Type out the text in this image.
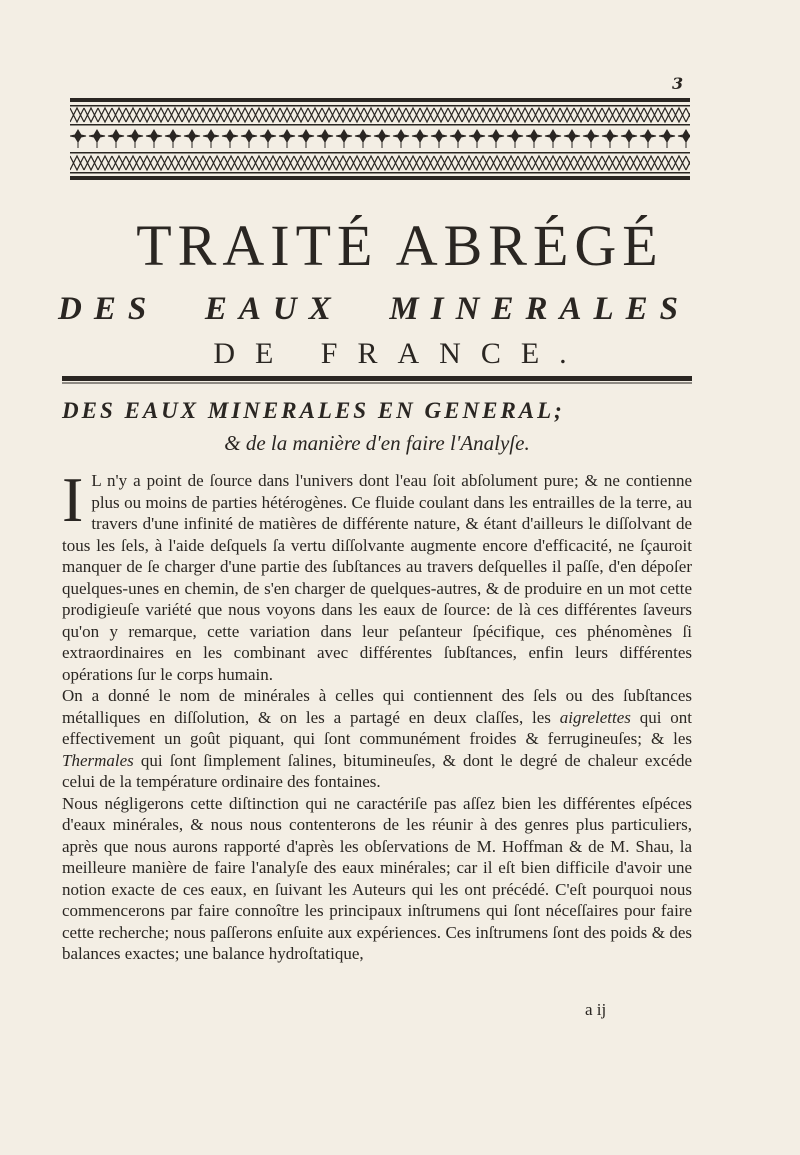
3
TRAITÉ ABRÉGÉ
DES EAUX MINERALES
DE FRANCE.
DES EAUX MINERALES EN GENERAL;
& de la manière d'en faire l'Analyſe.

I L n'y a point de ſource dans l'univers dont l'eau ſoit abſolument pure; & ne contienne plus ou moins de parties hétérogènes. Ce fluide coulant dans les entrailles de la terre, au travers d'une infinité de matières de différente nature, & étant d'ailleurs le diſſolvant de tous les ſels, à l'aide deſquels ſa vertu diſſolvante augmente encore d'efficacité, ne ſçauroit manquer de ſe charger d'une partie des ſubſtances au travers deſquelles il paſſe, d'en dépoſer quelques-unes en chemin, de s'en charger de quelques-autres, & de produire en un mot cette prodigieuſe variété que nous voyons dans les eaux de ſource: de là ces différentes ſaveurs qu'on y remarque, cette variation dans leur peſanteur ſpécifique, ces phénomènes ſi extraordinaires en les combinant avec différentes ſubſtances, enfin leurs différentes opérations ſur le corps humain.

On a donné le nom de minérales à celles qui contiennent des ſels ou des ſubſtances métalliques en diſſolution, & on les a partagé en deux claſſes, les aigrelettes qui ont effectivement un goût piquant, qui ſont communément froides & ferrugineuſes; & les Thermales qui ſont ſimplement ſalines, bitumineuſes, & dont le degré de chaleur excéde celui de la température ordinaire des fontaines.

Nous négligerons cette diſtinction qui ne caractériſe pas aſſez bien les différentes eſpéces d'eaux minérales, & nous nous contenterons de les réunir à des genres plus particuliers, après que nous aurons rapporté d'après les obſervations de M. Hoffman & de M. Shau, la meilleure manière de faire l'analyſe des eaux minérales; car il eſt bien difficile d'avoir une notion exacte de ces eaux, en ſuivant les Auteurs qui les ont précédé. C'eſt pourquoi nous commencerons par faire connoître les principaux inſtrumens qui ſont néceſſaires pour faire cette recherche; nous paſſerons enſuite aux expériences. Ces inſtrumens ſont des poids & des balances exactes; une balance hydroſtatique,

a ij
